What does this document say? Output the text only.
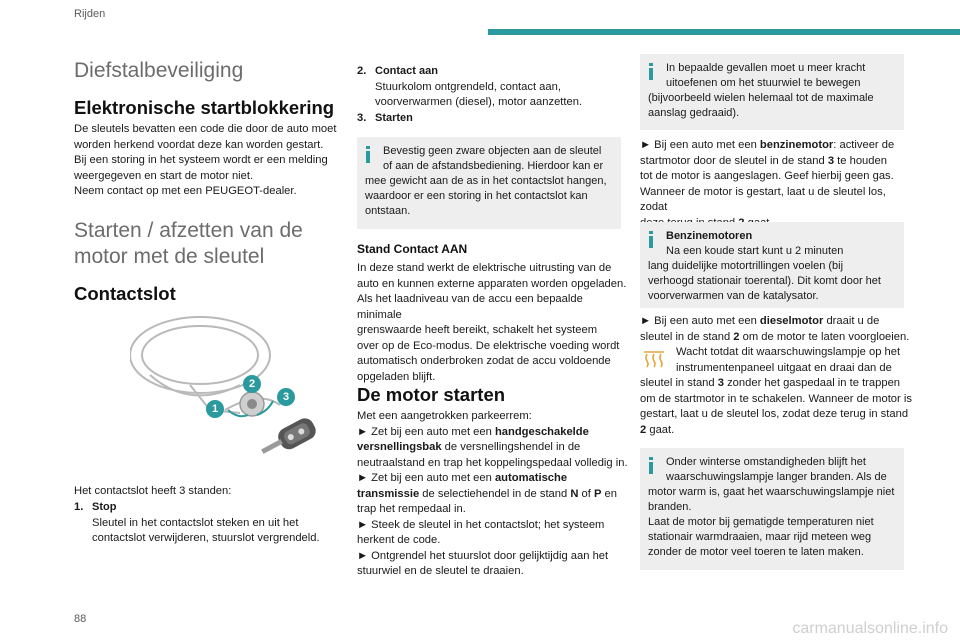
Rijden
Diefstalbeveiliging
Elektronische startblokkering
De sleutels bevatten een code die door de auto moet
worden herkend voordat deze kan worden gestart.
Bij een storing in het systeem wordt er een melding
weergegeven en start de motor niet.
Neem contact op met een PEUGEOT-dealer.
Starten / afzetten van de
motor met de sleutel
Contactslot
1
2
3
Het contactslot heeft 3 standen:
1. Stop
Sleutel in het contactslot steken en uit het
contactslot verwijderen, stuurslot vergrendeld.
2. Contact aan
Stuurkolom ontgrendeld, contact aan,
voorverwarmen (diesel), motor aanzetten.
3. Starten
Bevestig geen zware objecten aan de sleutel
of aan de afstandsbediening. Hierdoor kan er
mee gewicht aan de as in het contactslot hangen,
waardoor er een storing in het contactslot kan
ontstaan.
Stand Contact AAN
In deze stand werkt de elektrische uitrusting van de
auto en kunnen externe apparaten worden opgeladen.
Als het laadniveau van de accu een bepaalde minimale
grenswaarde heeft bereikt, schakelt het systeem
over op de Eco-modus. De elektrische voeding wordt
automatisch onderbroken zodat de accu voldoende
opgeladen blijft.
De motor starten
Met een aangetrokken parkeerrem:
► Zet bij een auto met een handgeschakelde
versnellingsbak de versnellingshendel in de
neutraalstand en trap het koppelingspedaal volledig in.
► Zet bij een auto met een automatische
transmissie de selectiehendel in de stand N of P en
trap het rempedaal in.
► Steek de sleutel in het contactslot; het systeem
herkent de code.
► Ontgrendel het stuurslot door gelijktijdig aan het
stuurwiel en de sleutel te draaien.
In bepaalde gevallen moet u meer kracht
uitoefenen om het stuurwiel te bewegen
(bijvoorbeeld wielen helemaal tot de maximale
aanslag gedraaid).
► Bij een auto met een benzinemotor: activeer de
startmotor door de sleutel in de stand 3 te houden
tot de motor is aangeslagen. Geef hierbij geen gas.
Wanneer de motor is gestart, laat u de sleutel los, zodat
Benzinemotoren
Na een koude start kunt u 2 minuten
lang duidelijke motortrillingen voelen (bij
verhoogd stationair toerental). Dit komt door het
voorverwarmen van de katalysator.
► Bij een auto met een dieselmotor draait u de
sleutel in de stand 2 om de motor te laten voorgloeien.
Wacht totdat dit waarschuwingslampje op het
instrumentenpaneel uitgaat en draai dan de
sleutel in stand 3 zonder het gaspedaal in te trappen
om de startmotor in te schakelen. Wanneer de motor is
gestart, laat u de sleutel los, zodat deze terug in stand
2 gaat.
Onder winterse omstandigheden blijft het
waarschuwingslampje langer branden. Als de
motor warm is, gaat het waarschuwingslampje niet
branden.
Laat de motor bij gematigde temperaturen niet
stationair warmdraaien, maar rijd meteen weg
zonder de motor veel toeren te laten maken.
88
carmanualsonline.info
